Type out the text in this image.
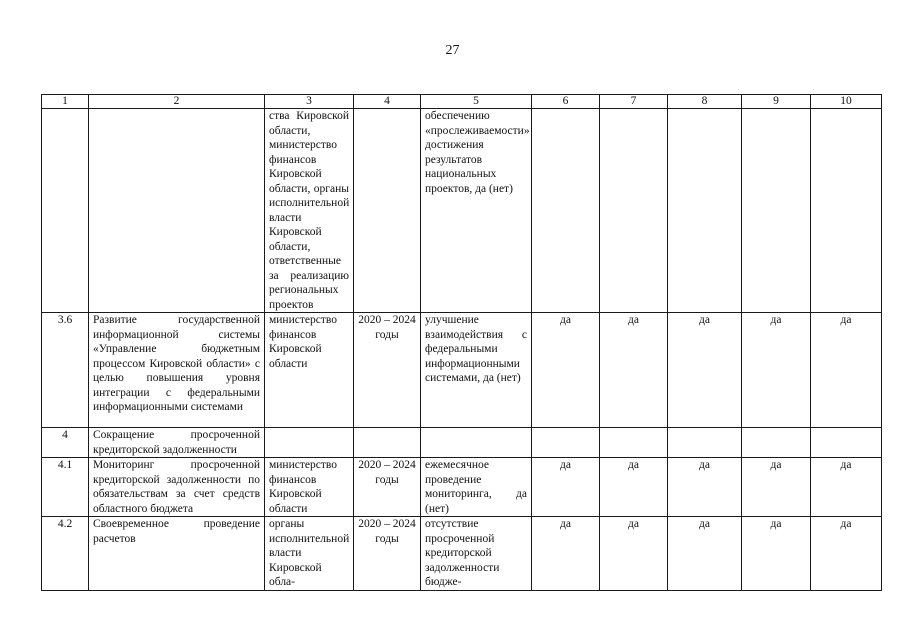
27
1	2	3	4	5	6	7	8	9	10
		ства Кировской области, министерство финансов Кировской области, органы исполнительной власти Кировской области, ответственные за реализацию региональных проектов		обеспечению «прослеживаемости» достижения результатов национальных проектов, да (нет)					
3.6	Развитие государственной информационной системы «Управление бюджетным процессом Кировской области» с целью повышения уровня интеграции с федеральными информационными системами	министерство финансов Кировской области	2020 – 2024 годы	улучшение взаимодействия с федеральными информационными системами, да (нет)	да	да	да	да	да
4	Сокращение просроченной кредиторской задолженности								
4.1	Мониторинг просроченной кредиторской задолженности по обязательствам за счет средств областного бюджета	министерство финансов Кировской области	2020 – 2024 годы	ежемесячное проведение мониторинга, да (нет)	да	да	да	да	да
4.2	Своевременное проведение расчетов	органы исполнительной власти Кировской обла-	2020 – 2024 годы	отсутствие просроченной кредиторской задолженности бюдже-	да	да	да	да	да
